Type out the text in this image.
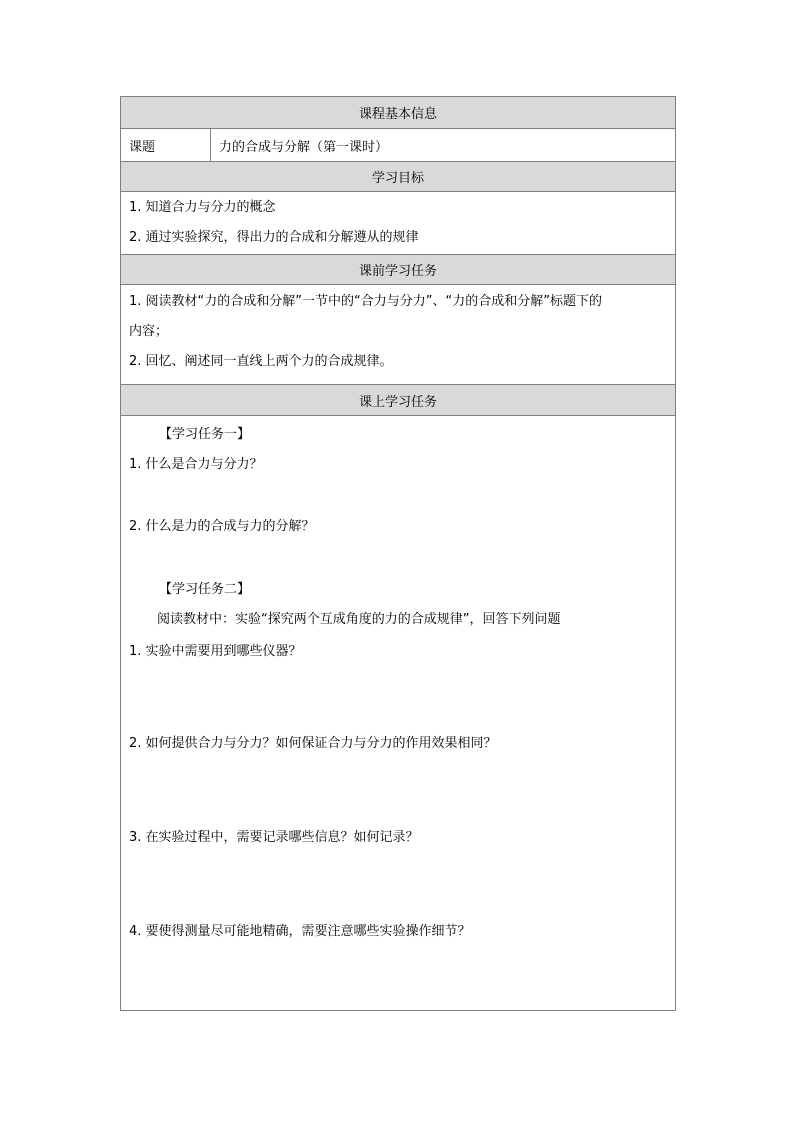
课程基本信息
课题	力的合成与分解（第一课时）
学习目标

1. 知道合力与分力的概念
2. 通过实验探究，得出力的合成和分解遵从的规律

课前学习任务

1. 阅读教材“力的合成和分解”一节中的“合力与分力”、“力的合成和分解”标题下的
内容；
2. 回忆、阐述同一直线上两个力的合成规律。

课上学习任务

【学习任务一】
1. 什么是合力与分力？
2. 什么是力的合成与力的分解？
【学习任务二】
阅读教材中：实验“探究两个互成角度的力的合成规律”，回答下列问题
1. 实验中需要用到哪些仪器？
2. 如何提供合力与分力？如何保证合力与分力的作用效果相同？
3. 在实验过程中，需要记录哪些信息？如何记录？
4. 要使得测量尽可能地精确，需要注意哪些实验操作细节？
